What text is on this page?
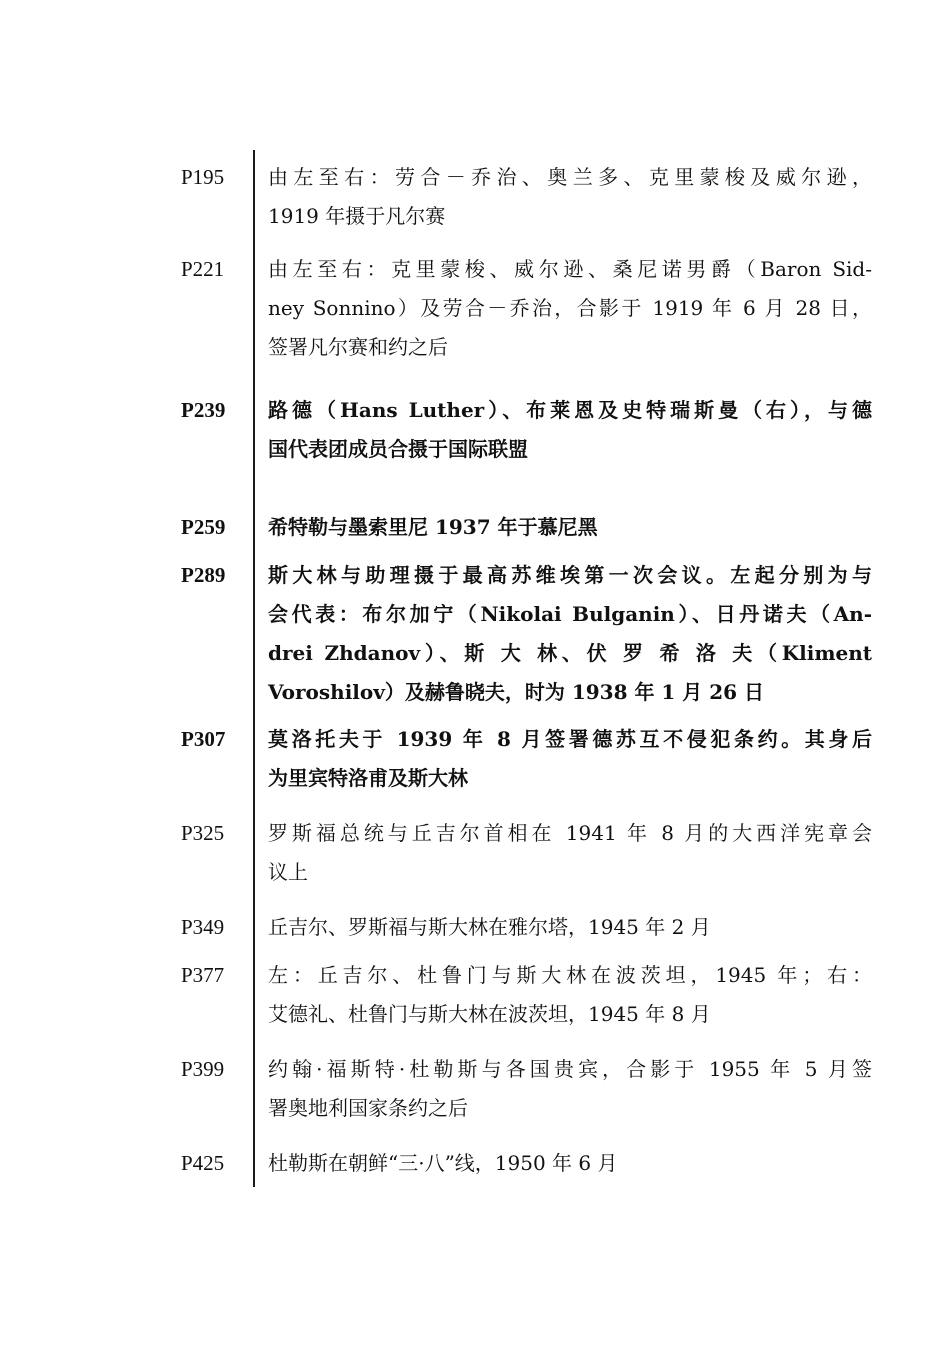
P195 由左至右：劳合－乔治、奥兰多、克里蒙梭及威尔逊，
1919 年摄于凡尔赛
P221 由左至右：克里蒙梭、威尔逊、桑尼诺男爵（Baron Sid-
ney Sonnino）及劳合－乔治，合影于 1919 年 6 月 28 日，
签署凡尔赛和约之后
P239 路德（Hans Luther）、布莱恩及史特瑞斯曼（右），与德
国代表团成员合摄于国际联盟
P259 希特勒与墨索里尼 1937 年于慕尼黑
P289 斯大林与助理摄于最高苏维埃第一次会议。左起分别为与
会代表：布尔加宁（Nikolai Bulganin）、日丹诺夫（An-
drei Zhdanov）、斯 大 林、伏 罗 希 洛 夫（Kliment
Voroshilov）及赫鲁晓夫，时为 1938 年 1 月 26 日
P307 莫洛托夫于 1939 年 8 月签署德苏互不侵犯条约。其身后
为里宾特洛甫及斯大林
P325 罗斯福总统与丘吉尔首相在 1941 年 8 月的大西洋宪章会
议上
P349 丘吉尔、罗斯福与斯大林在雅尔塔，1945 年 2 月
P377 左：丘吉尔、杜鲁门与斯大林在波茨坦，1945 年；右：
艾德礼、杜鲁门与斯大林在波茨坦，1945 年 8 月
P399 约翰·福斯特·杜勒斯与各国贵宾，合影于 1955 年 5 月签
署奥地利国家条约之后
P425 杜勒斯在朝鲜“三·八”线，1950 年 6 月
